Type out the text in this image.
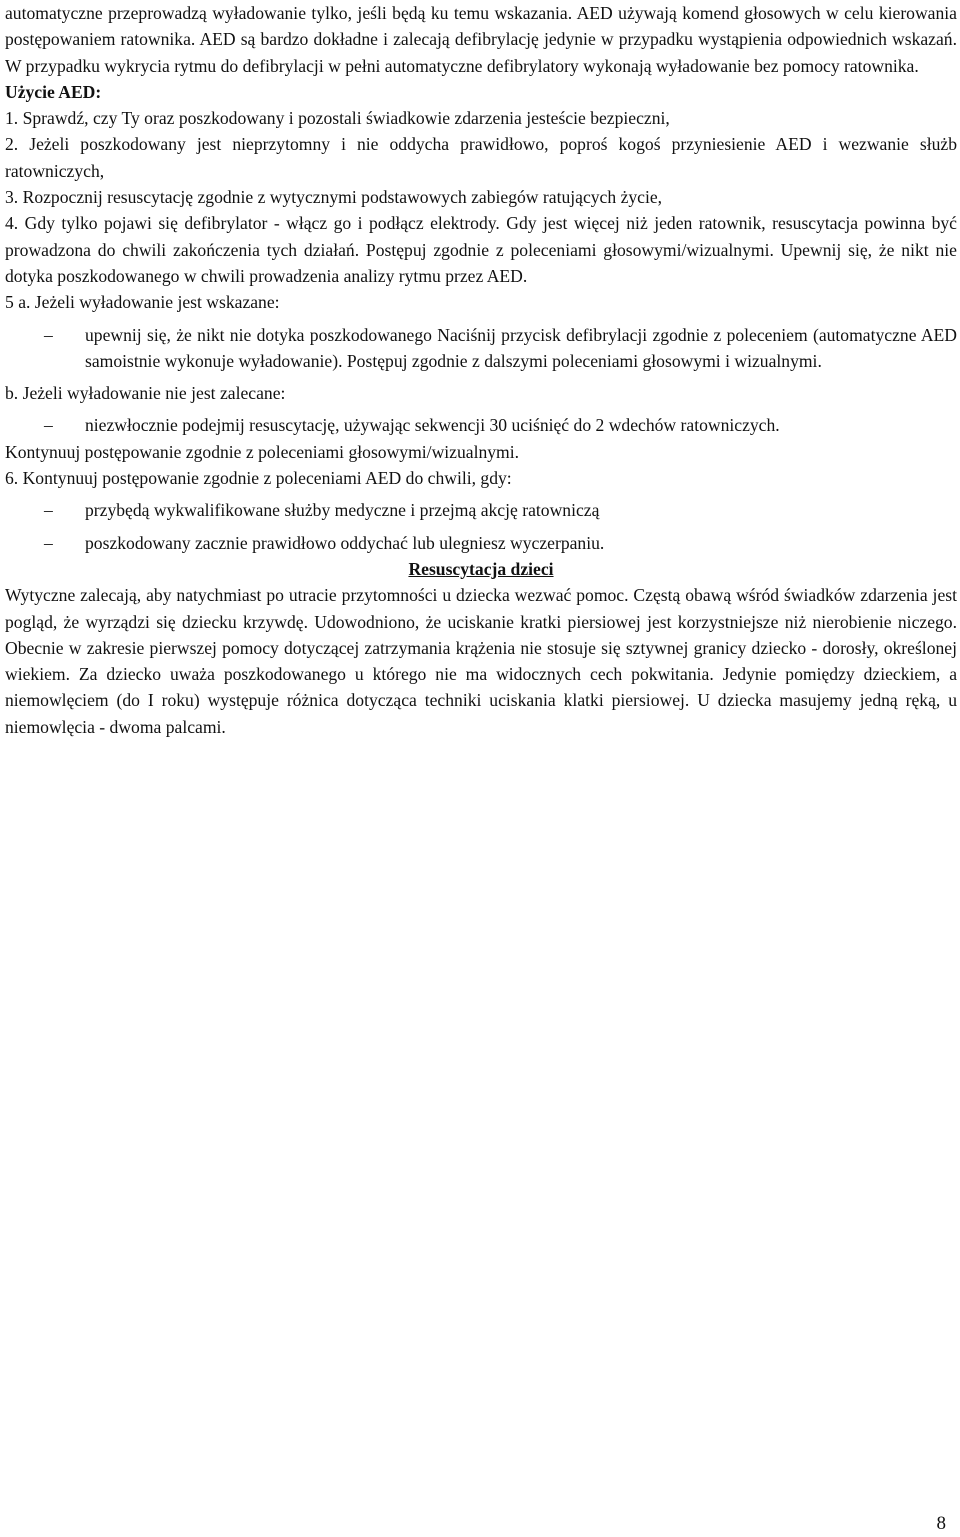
automatyczne przeprowadzą wyładowanie tylko, jeśli będą ku temu wskazania. AED używają komend głosowych w celu kierowania postępowaniem ratownika. AED są bardzo dokładne i zalecają defibrylację jedynie w przypadku wystąpienia odpowiednich wskazań. W przypadku wykrycia rytmu do defibrylacji w pełni automatyczne defibrylatory wykonają wyładowanie bez pomocy ratownika.

Użycie AED:

1. Sprawdź, czy Ty oraz poszkodowany i pozostali świadkowie zdarzenia jesteście bezpieczni,

2. Jeżeli poszkodowany jest nieprzytomny i nie oddycha prawidłowo, poproś kogoś przyniesienie AED i wezwanie służb ratowniczych,

3. Rozpocznij resuscytację zgodnie z wytycznymi podstawowych zabiegów ratujących życie,

4. Gdy tylko pojawi się defibrylator - włącz go i podłącz elektrody. Gdy jest więcej niż jeden ratownik, resuscytacja powinna być prowadzona do chwili zakończenia tych działań. Postępuj zgodnie z poleceniami głosowymi/wizualnymi. Upewnij się, że nikt nie dotyka poszkodowanego w chwili prowadzenia analizy rytmu przez AED.

5 a. Jeżeli wyładowanie jest wskazane:

– upewnij się, że nikt nie dotyka poszkodowanego Naciśnij przycisk defibrylacji zgodnie z poleceniem (automatyczne AED samoistnie wykonuje wyładowanie). Postępuj zgodnie z dalszymi poleceniami głosowymi i wizualnymi.

b. Jeżeli wyładowanie nie jest zalecane:

– niezwłocznie podejmij resuscytację, używając sekwencji 30 uciśnięć do 2 wdechów ratowniczych.

Kontynuuj postępowanie zgodnie z poleceniami głosowymi/wizualnymi.

6. Kontynuuj postępowanie zgodnie z poleceniami AED do chwili, gdy:

– przybędą wykwalifikowane służby medyczne i przejmą akcję ratowniczą
– poszkodowany zacznie prawidłowo oddychać lub ulegniesz wyczerpaniu.

Resuscytacja dzieci

Wytyczne zalecają, aby natychmiast po utracie przytomności u dziecka wezwać pomoc. Częstą obawą wśród świadków zdarzenia jest pogląd, że wyrządzi się dziecku krzywdę. Udowodniono, że uciskanie kratki piersiowej jest korzystniejsze niż nierobienie niczego. Obecnie w zakresie pierwszej pomocy dotyczącej zatrzymania krążenia nie stosuje się sztywnej granicy dziecko - dorosły, określonej wiekiem. Za dziecko uważa poszkodowanego u którego nie ma widocznych cech pokwitania. Jedynie pomiędzy dzieckiem, a niemowlęciem (do I roku) występuje różnica dotycząca techniki uciskania klatki piersiowej. U dziecka masujemy jedną ręką, u niemowlęcia - dwoma palcami.

8
